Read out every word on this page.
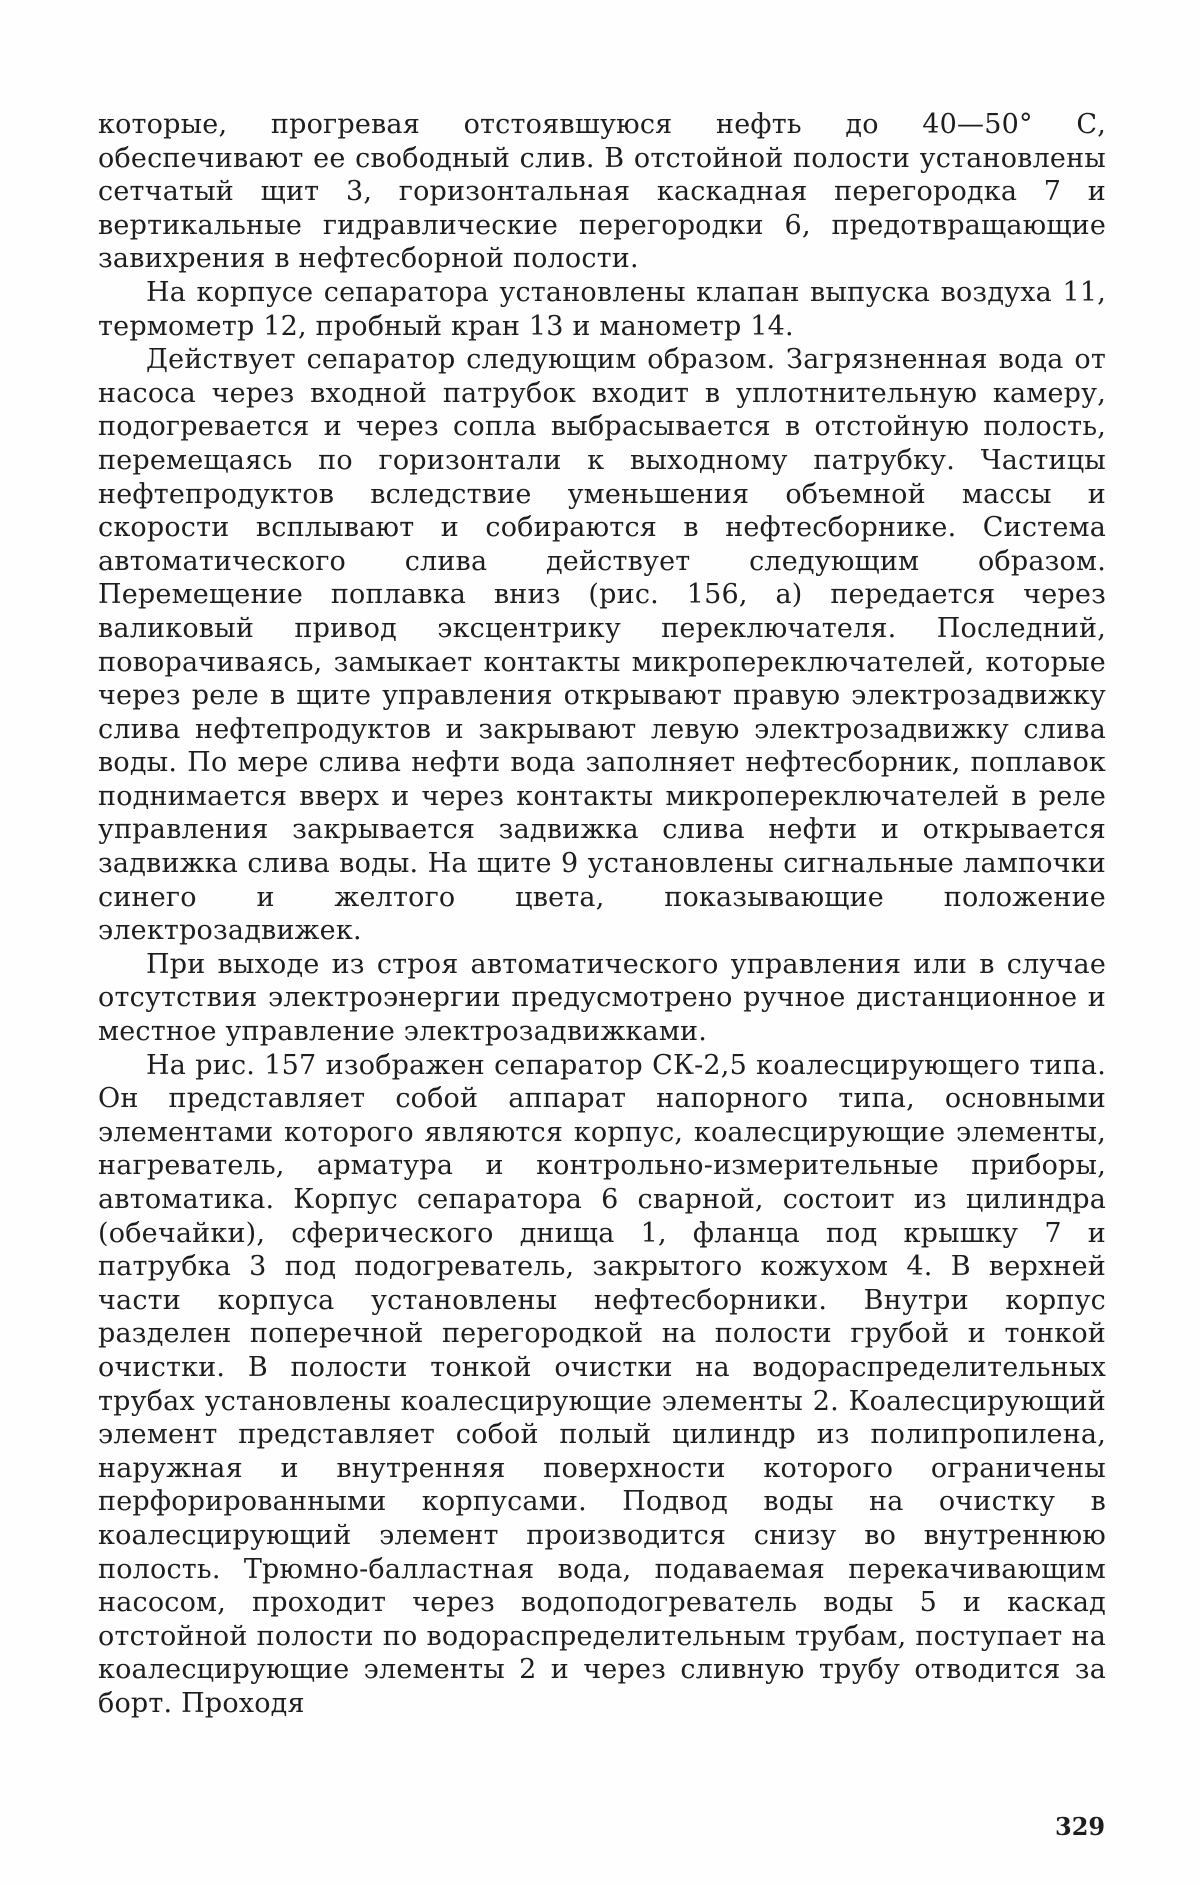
которые, прогревая отстоявшуюся нефть до 40—50° С, обеспечивают ее свободный слив. В отстойной полости установлены сетчатый щит 3, горизонтальная каскадная перегородка 7 и вертикальные гидравлические перегородки 6, предотвращающие завихрения в нефтесборной полости.

На корпусе сепаратора установлены клапан выпуска воздуха 11, термометр 12, пробный кран 13 и манометр 14.

Действует сепаратор следующим образом. Загрязненная вода от насоса через входной патрубок входит в уплотнительную камеру, подогревается и через сопла выбрасывается в отстойную полость, перемещаясь по горизонтали к выходному патрубку. Частицы нефтепродуктов вследствие уменьшения объемной массы и скорости всплывают и собираются в нефтесборнике. Система автоматического слива действует следующим образом. Перемещение поплавка вниз (рис. 156, а) передается через валиковый привод эксцентрику переключателя. Последний, поворачиваясь, замыкает контакты микропереключателей, которые через реле в щите управления открывают правую электрозадвижку слива нефтепродуктов и закрывают левую электрозадвижку слива воды. По мере слива нефти вода заполняет нефтесборник, поплавок поднимается вверх и через контакты микропереключателей в реле управления закрывается задвижка слива нефти и открывается задвижка слива воды. На щите 9 установлены сигнальные лампочки синего и желтого цвета, показывающие положение электрозадвижек.

При выходе из строя автоматического управления или в случае отсутствия электроэнергии предусмотрено ручное дистанционное и местное управление электрозадвижками.

На рис. 157 изображен сепаратор СК-2,5 коалесцирующего типа. Он представляет собой аппарат напорного типа, основными элементами которого являются корпус, коалесцирующие элементы, нагреватель, арматура и контрольно-измерительные приборы, автоматика. Корпус сепаратора 6 сварной, состоит из цилиндра (обечайки), сферического днища 1, фланца под крышку 7 и патрубка 3 под подогреватель, закрытого кожухом 4. В верхней части корпуса установлены нефтесборники. Внутри корпус разделен поперечной перегородкой на полости грубой и тонкой очистки. В полости тонкой очистки на водораспределительных трубах установлены коалесцирующие элементы 2. Коалесцирующий элемент представляет собой полый цилиндр из полипропилена, наружная и внутренняя поверхности которого ограничены перфорированными корпусами. Подвод воды на очистку в коалесцирующий элемент производится снизу во внутреннюю полость. Трюмно-балластная вода, подаваемая перекачивающим насосом, проходит через водоподогреватель воды 5 и каскад отстойной полости по водораспределительным трубам, поступает на коалесцирующие элементы 2 и через сливную трубу отводится за борт. Проходя

329
